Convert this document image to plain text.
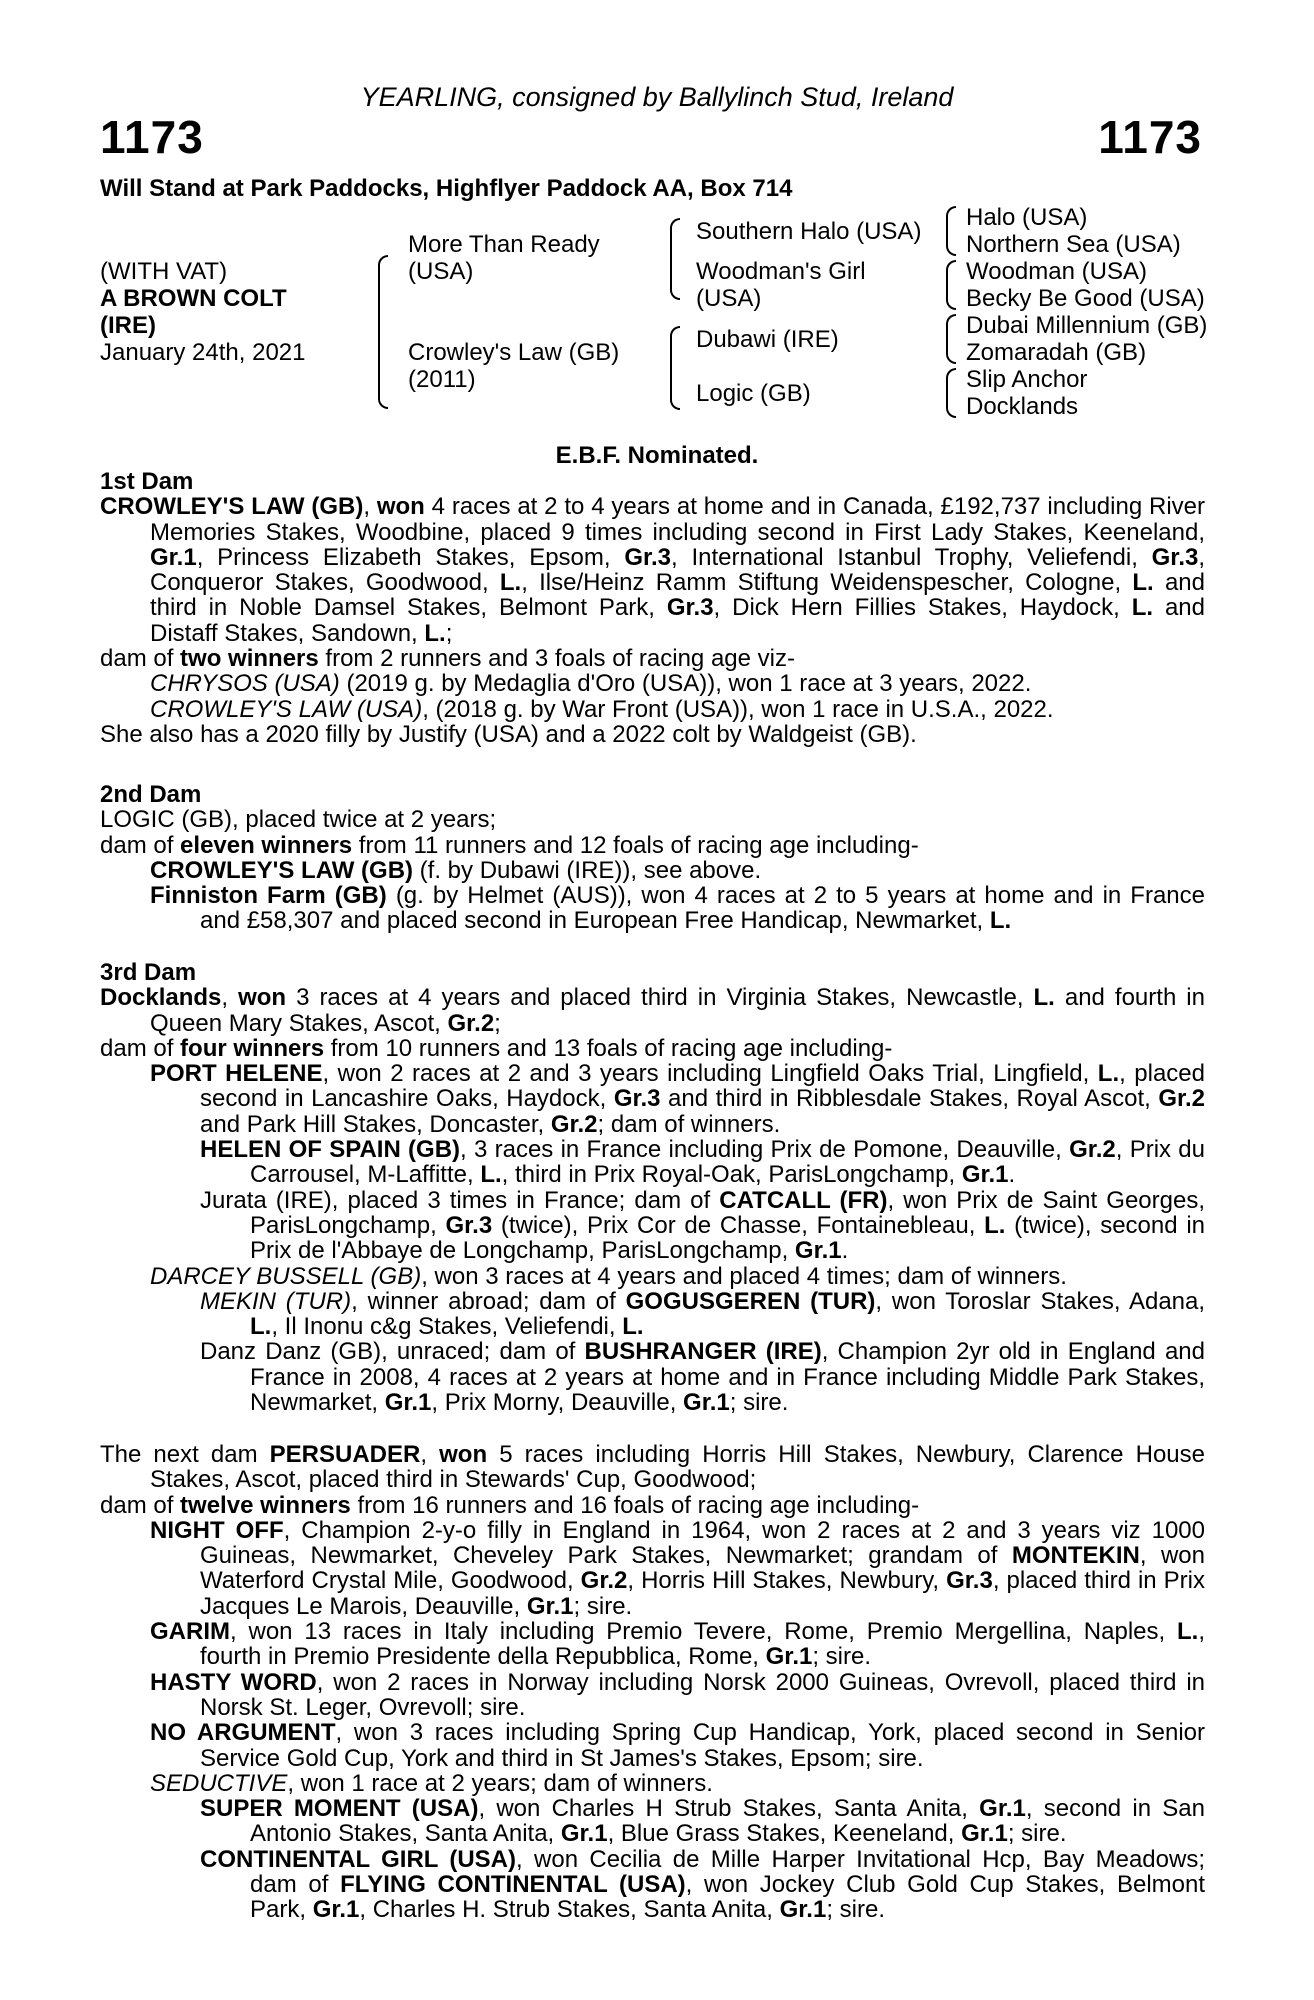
YEARLING, consigned by Ballylinch Stud, Ireland
1173	1173
Will Stand at Park Paddocks, Highflyer Paddock AA, Box 714
(WITH VAT)
A BROWN COLT
(IRE)
January 24th, 2021
More Than Ready
(USA)
Crowley's Law (GB)
(2011)
Southern Halo (USA)
Woodman's Girl
(USA)
Dubawi (IRE)
Logic (GB)
Halo (USA)
Northern Sea (USA)
Woodman (USA)
Becky Be Good (USA)
Dubai Millennium (GB)
Zomaradah (GB)
Slip Anchor
Docklands
E.B.F. Nominated.
1st Dam
CROWLEY'S LAW (GB), won 4 races at 2 to 4 years at home and in Canada, £192,737 including River Memories Stakes, Woodbine, placed 9 times including second in First Lady Stakes, Keeneland, Gr.1, Princess Elizabeth Stakes, Epsom, Gr.3, International Istanbul Trophy, Veliefendi, Gr.3, Conqueror Stakes, Goodwood, L., Ilse/Heinz Ramm Stiftung Weidenspescher, Cologne, L. and third in Noble Damsel Stakes, Belmont Park, Gr.3, Dick Hern Fillies Stakes, Haydock, L. and Distaff Stakes, Sandown, L.;
dam of two winners from 2 runners and 3 foals of racing age viz-
CHRYSOS (USA) (2019 g. by Medaglia d'Oro (USA)), won 1 race at 3 years, 2022.
CROWLEY'S LAW (USA), (2018 g. by War Front (USA)), won 1 race in U.S.A., 2022.
She also has a 2020 filly by Justify (USA) and a 2022 colt by Waldgeist (GB).
2nd Dam
LOGIC (GB), placed twice at 2 years;
dam of eleven winners from 11 runners and 12 foals of racing age including-
CROWLEY'S LAW (GB) (f. by Dubawi (IRE)), see above.
Finniston Farm (GB) (g. by Helmet (AUS)), won 4 races at 2 to 5 years at home and in France and £58,307 and placed second in European Free Handicap, Newmarket, L.
3rd Dam
Docklands, won 3 races at 4 years and placed third in Virginia Stakes, Newcastle, L. and fourth in Queen Mary Stakes, Ascot, Gr.2;
dam of four winners from 10 runners and 13 foals of racing age including-
PORT HELENE, won 2 races at 2 and 3 years including Lingfield Oaks Trial, Lingfield, L., placed second in Lancashire Oaks, Haydock, Gr.3 and third in Ribblesdale Stakes, Royal Ascot, Gr.2 and Park Hill Stakes, Doncaster, Gr.2; dam of winners.
HELEN OF SPAIN (GB), 3 races in France including Prix de Pomone, Deauville, Gr.2, Prix du Carrousel, M-Laffitte, L., third in Prix Royal-Oak, ParisLongchamp, Gr.1.
Jurata (IRE), placed 3 times in France; dam of CATCALL (FR), won Prix de Saint Georges, ParisLongchamp, Gr.3 (twice), Prix Cor de Chasse, Fontainebleau, L. (twice), second in Prix de l'Abbaye de Longchamp, ParisLongchamp, Gr.1.
DARCEY BUSSELL (GB), won 3 races at 4 years and placed 4 times; dam of winners.
MEKIN (TUR), winner abroad; dam of GOGUSGEREN (TUR), won Toroslar Stakes, Adana, L., Il Inonu c&g Stakes, Veliefendi, L.
Danz Danz (GB), unraced; dam of BUSHRANGER (IRE), Champion 2yr old in England and France in 2008, 4 races at 2 years at home and in France including Middle Park Stakes, Newmarket, Gr.1, Prix Morny, Deauville, Gr.1; sire.
The next dam PERSUADER, won 5 races including Horris Hill Stakes, Newbury, Clarence House Stakes, Ascot, placed third in Stewards' Cup, Goodwood;
dam of twelve winners from 16 runners and 16 foals of racing age including-
NIGHT OFF, Champion 2-y-o filly in England in 1964, won 2 races at 2 and 3 years viz 1000 Guineas, Newmarket, Cheveley Park Stakes, Newmarket; grandam of MONTEKIN, won Waterford Crystal Mile, Goodwood, Gr.2, Horris Hill Stakes, Newbury, Gr.3, placed third in Prix Jacques Le Marois, Deauville, Gr.1; sire.
GARIM, won 13 races in Italy including Premio Tevere, Rome, Premio Mergellina, Naples, L., fourth in Premio Presidente della Repubblica, Rome, Gr.1; sire.
HASTY WORD, won 2 races in Norway including Norsk 2000 Guineas, Ovrevoll, placed third in Norsk St. Leger, Ovrevoll; sire.
NO ARGUMENT, won 3 races including Spring Cup Handicap, York, placed second in Senior Service Gold Cup, York and third in St James's Stakes, Epsom; sire.
SEDUCTIVE, won 1 race at 2 years; dam of winners.
SUPER MOMENT (USA), won Charles H Strub Stakes, Santa Anita, Gr.1, second in San Antonio Stakes, Santa Anita, Gr.1, Blue Grass Stakes, Keeneland, Gr.1; sire.
CONTINENTAL GIRL (USA), won Cecilia de Mille Harper Invitational Hcp, Bay Meadows; dam of FLYING CONTINENTAL (USA), won Jockey Club Gold Cup Stakes, Belmont Park, Gr.1, Charles H. Strub Stakes, Santa Anita, Gr.1; sire.
